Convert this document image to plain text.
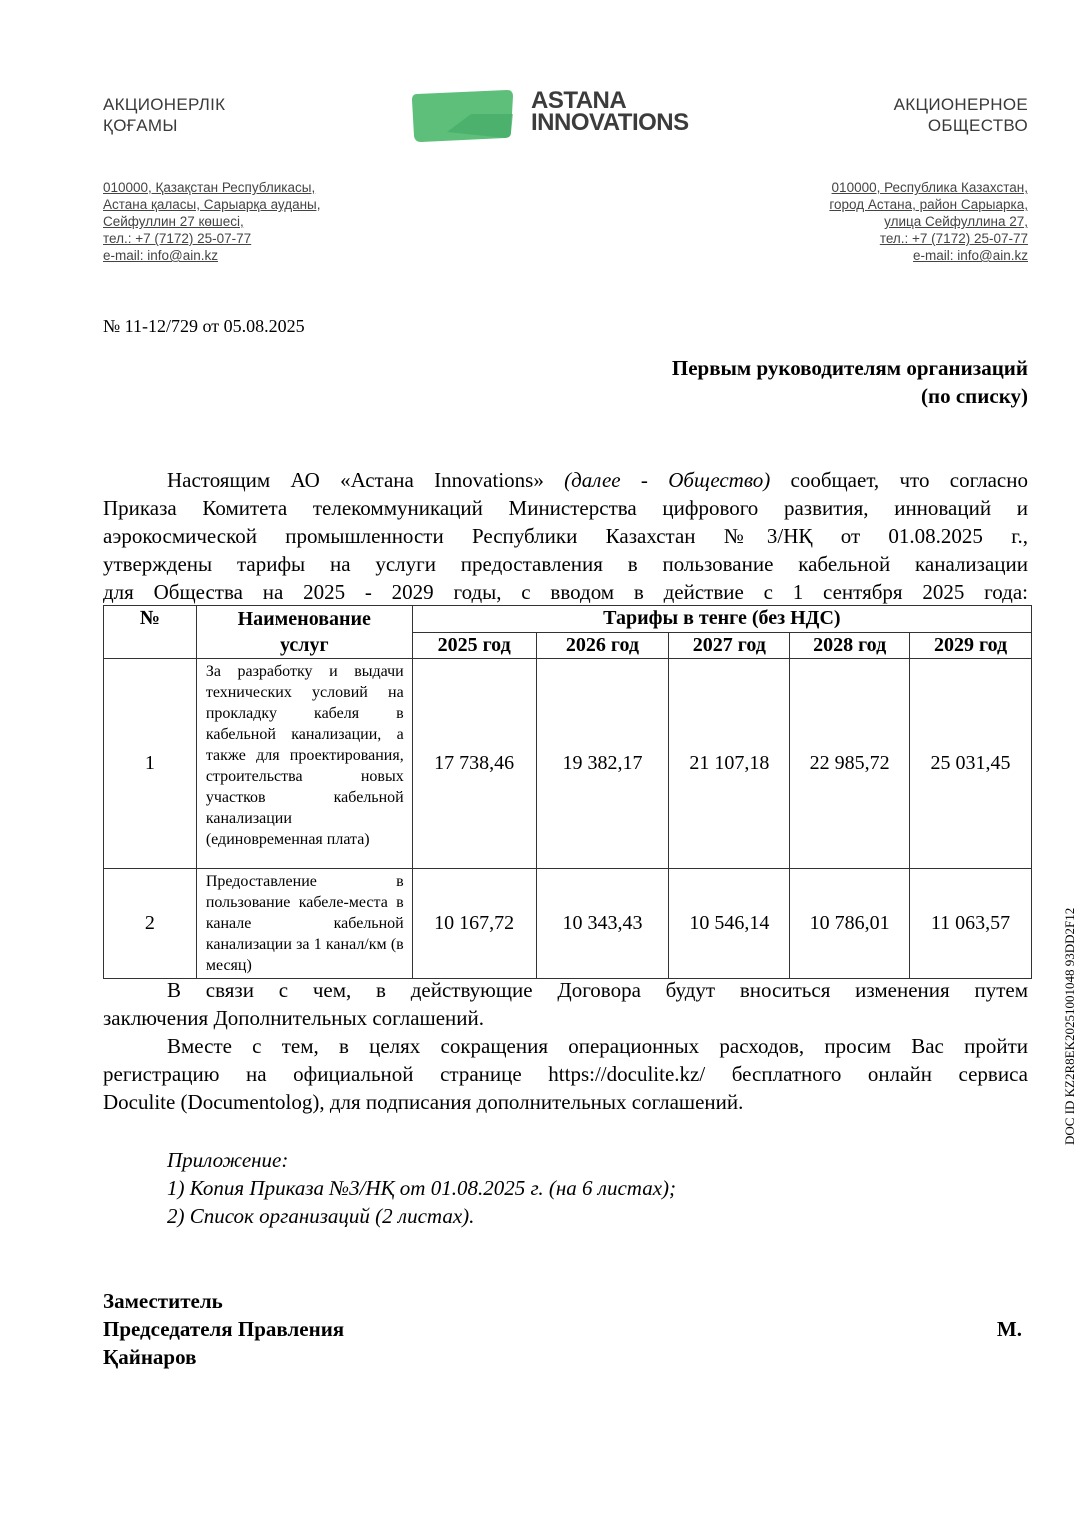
АКЦИОНЕРЛІК
ҚОҒАМЫ
ASTANA
INNOVATIONS
АКЦИОНЕРНОЕ
ОБЩЕСТВО
010000, Қазақстан Республикасы,
Астана қаласы, Сарыарқа ауданы,
Сейфуллин 27 көшесі,
тел.: +7 (7172) 25-07-77
e-mail: info@ain.kz
010000, Республика Казахстан,
город Астана, район Сарыарка,
улица Сейфуллина 27,
тел.: +7 (7172) 25-07-77
e-mail: info@ain.kz
№ 11-12/729 от 05.08.2025
Первым руководителям организаций
(по списку)
Настоящим АО «Астана Innovations» (далее - Общество) сообщает, что согласно
Приказа Комитета телекоммуникаций Министерства цифрового развития, инноваций и
аэрокосмической промышленности Республики Казахстан №3/НҚ от 01.08.2025 г.,
утверждены тарифы на услуги предоставления в пользование кабельной канализации
для Общества на 2025 - 2029 годы, с вводом в действие с 1 сентября 2025 года:
№	Наименование услуг	Тарифы в тенге (без НДС)				
		2025 год	2026 год	2027 год	2028 год	2029 год
1	За разработку и выдачи технических условий на прокладку кабеля в кабельной канализации, а также для проектирования, строительства новых участков кабельной канализации (единовременная плата)	17 738,46	19 382,17	21 107,18	22 985,72	25 031,45
2	Предоставление в пользование кабеле-места в канале кабельной канализации за 1 канал/км (в месяц)	10 167,72	10 343,43	10 546,14	10 786,01	11 063,57
В связи с чем, в действующие Договора будут вноситься изменения путем
заключения Дополнительных соглашений.
Вместе с тем, в целях сокращения операционных расходов, просим Вас пройти
регистрацию на официальной странице https://doculite.kz/ бесплатного онлайн сервиса
Doculite (Documentolog), для подписания дополнительных соглашений.
Приложение:
1) Копия Приказа №3/НҚ от 01.08.2025 г. (на 6 листах);
2) Список организаций (2 листах).
Заместитель
Председателя Правления
Қайнаров
М.
DOC ID KZ2R8EK20251001048 93DD2F12
